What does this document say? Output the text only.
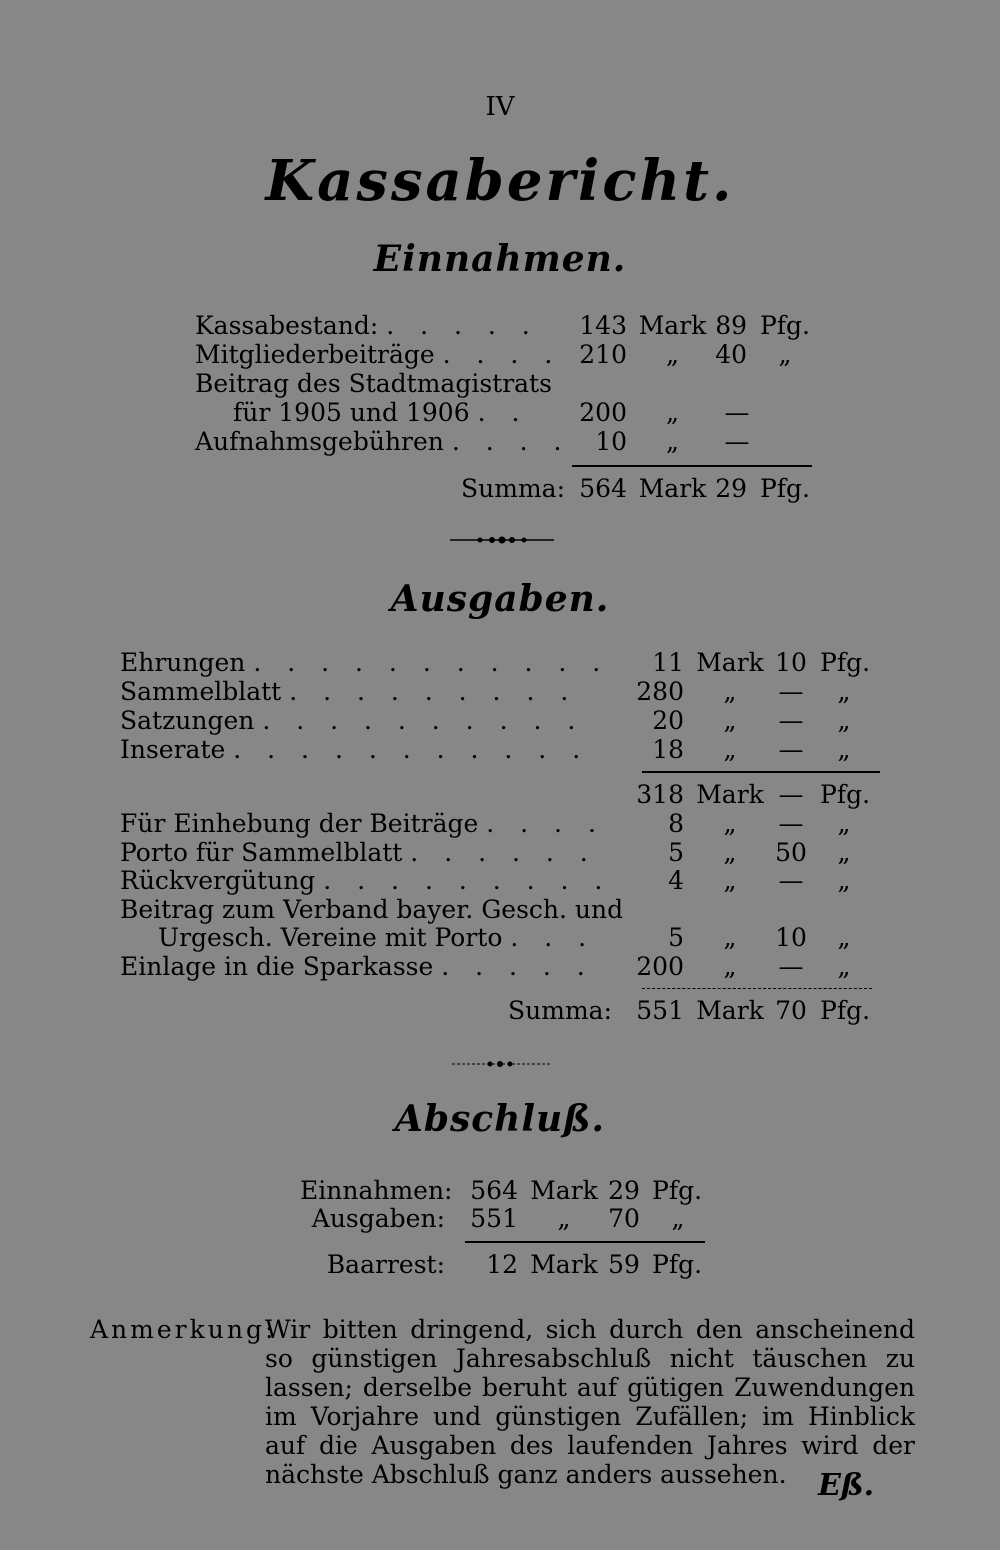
IV
Kassabericht.
Einnahmen.
Kassabestand: . . . . . 143 Mark 89 Pfg.
Mitgliederbeiträge . . . . 210	„	40	„
Beitrag des Stadtmagistrats
für 1905 und 1906 . . 200	„	—
Aufnahmsgebühren . . . . 10	„	—
Summa: 564 Mark 29 Pfg.
Ausgaben.
Ehrungen . . . . . . . . . . .	11 Mark 10 Pfg.
Sammelblatt . . . . . . . . .	280	„	—	„
Satzungen . . . . . . . . . .	20	„	—	„
Inserate . . . . . . . . . . .	18	„	—	„
318 Mark — Pfg.
Für Einhebung der Beiträge . . . .	8	„	—	„
Porto für Sammelblatt . . . . . .	5	„	50	„
Rückvergütung . . . . . . . . .	4	„	—	„
Beitrag zum Verband bayer. Gesch. und
Urgesch. Vereine mit Porto . . .	5	„	10	„
Einlage in die Sparkasse . . . . .	200	„	—	„
Summa: 551 Mark 70 Pfg.
Abschluß.
Einnahmen: 564 Mark 29 Pfg.
Ausgaben:	551	„	70	„
Baarrest:	12 Mark 59 Pfg.
Anmerkung:
Wir bitten dringend, sich durch den anscheinend so günstigen Jahresabschluß nicht täuschen zu lassen; derselbe beruht auf gütigen Zuwendungen im Vorjahre und günstigen Zufällen; im Hinblick auf die Ausgaben des laufenden Jahres wird der nächste Abschluß ganz anders aussehen.	Eß.
